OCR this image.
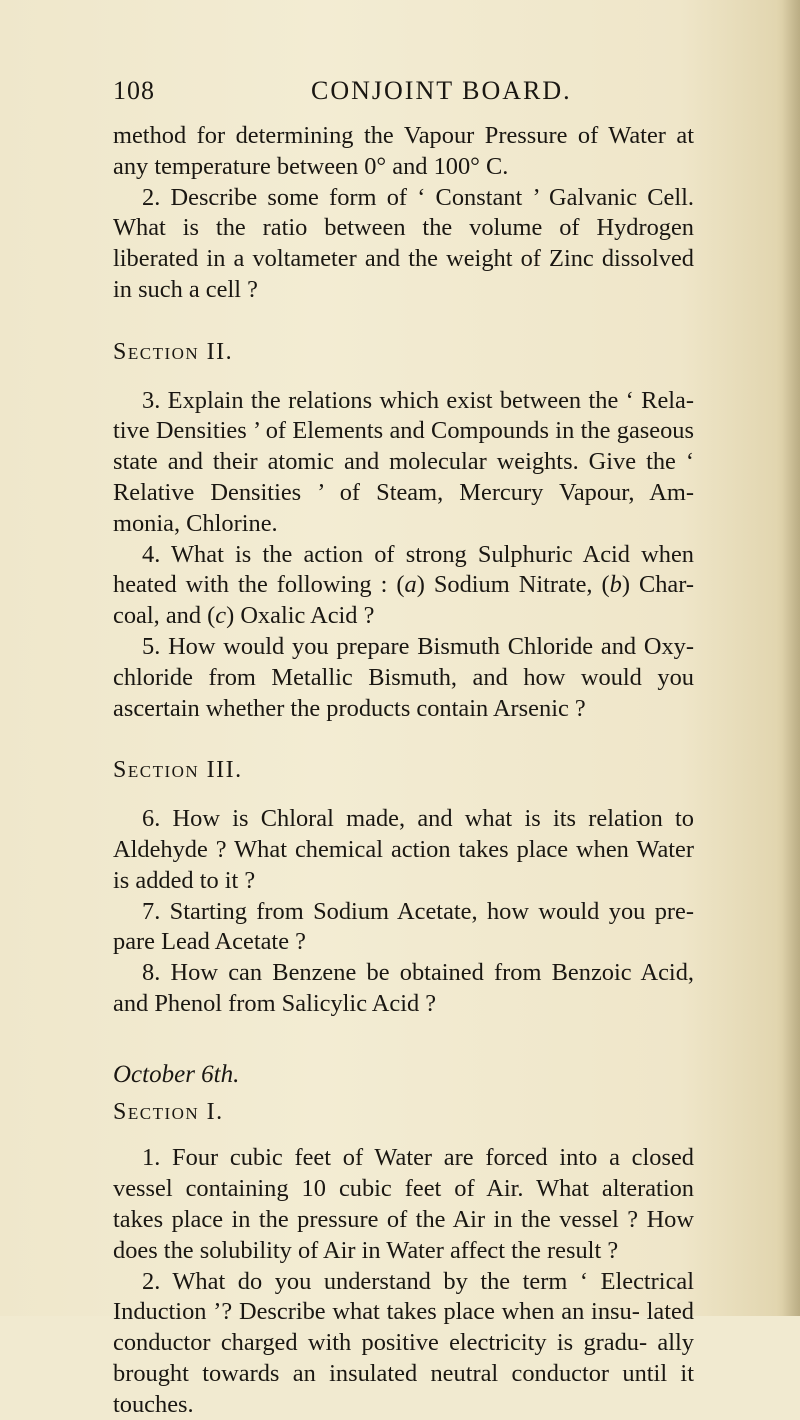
108	CONJOINT BOARD.

method for determining the Vapour Pressure of Water at any temperature between 0° and 100° C.

2. Describe some form of ‘ Constant ’ Galvanic Cell. What is the ratio between the volume of Hydrogen liberated in a voltameter and the weight of Zinc dissolved in such a cell ?

Section II.

3. Explain the relations which exist between the ‘ Rela- tive Densities ’ of Elements and Compounds in the gaseous state and their atomic and molecular weights. Give the ‘ Relative Densities ’ of Steam, Mercury Vapour, Am- monia, Chlorine.

4. What is the action of strong Sulphuric Acid when heated with the following : (a) Sodium Nitrate, (b) Char- coal, and (c) Oxalic Acid ?

5. How would you prepare Bismuth Chloride and Oxy- chloride from Metallic Bismuth, and how would you ascertain whether the products contain Arsenic ?

Section III.

6. How is Chloral made, and what is its relation to Aldehyde ? What chemical action takes place when Water is added to it ?

7. Starting from Sodium Acetate, how would you pre- pare Lead Acetate ?

8. How can Benzene be obtained from Benzoic Acid, and Phenol from Salicylic Acid ?

October 6th.

Section I.

1. Four cubic feet of Water are forced into a closed vessel containing 10 cubic feet of Air. What alteration takes place in the pressure of the Air in the vessel ? How does the solubility of Air in Water affect the result ?

2. What do you understand by the term ‘ Electrical Induction ’? Describe what takes place when an insu- lated conductor charged with positive electricity is gradu- ally brought towards an insulated neutral conductor until it touches.
